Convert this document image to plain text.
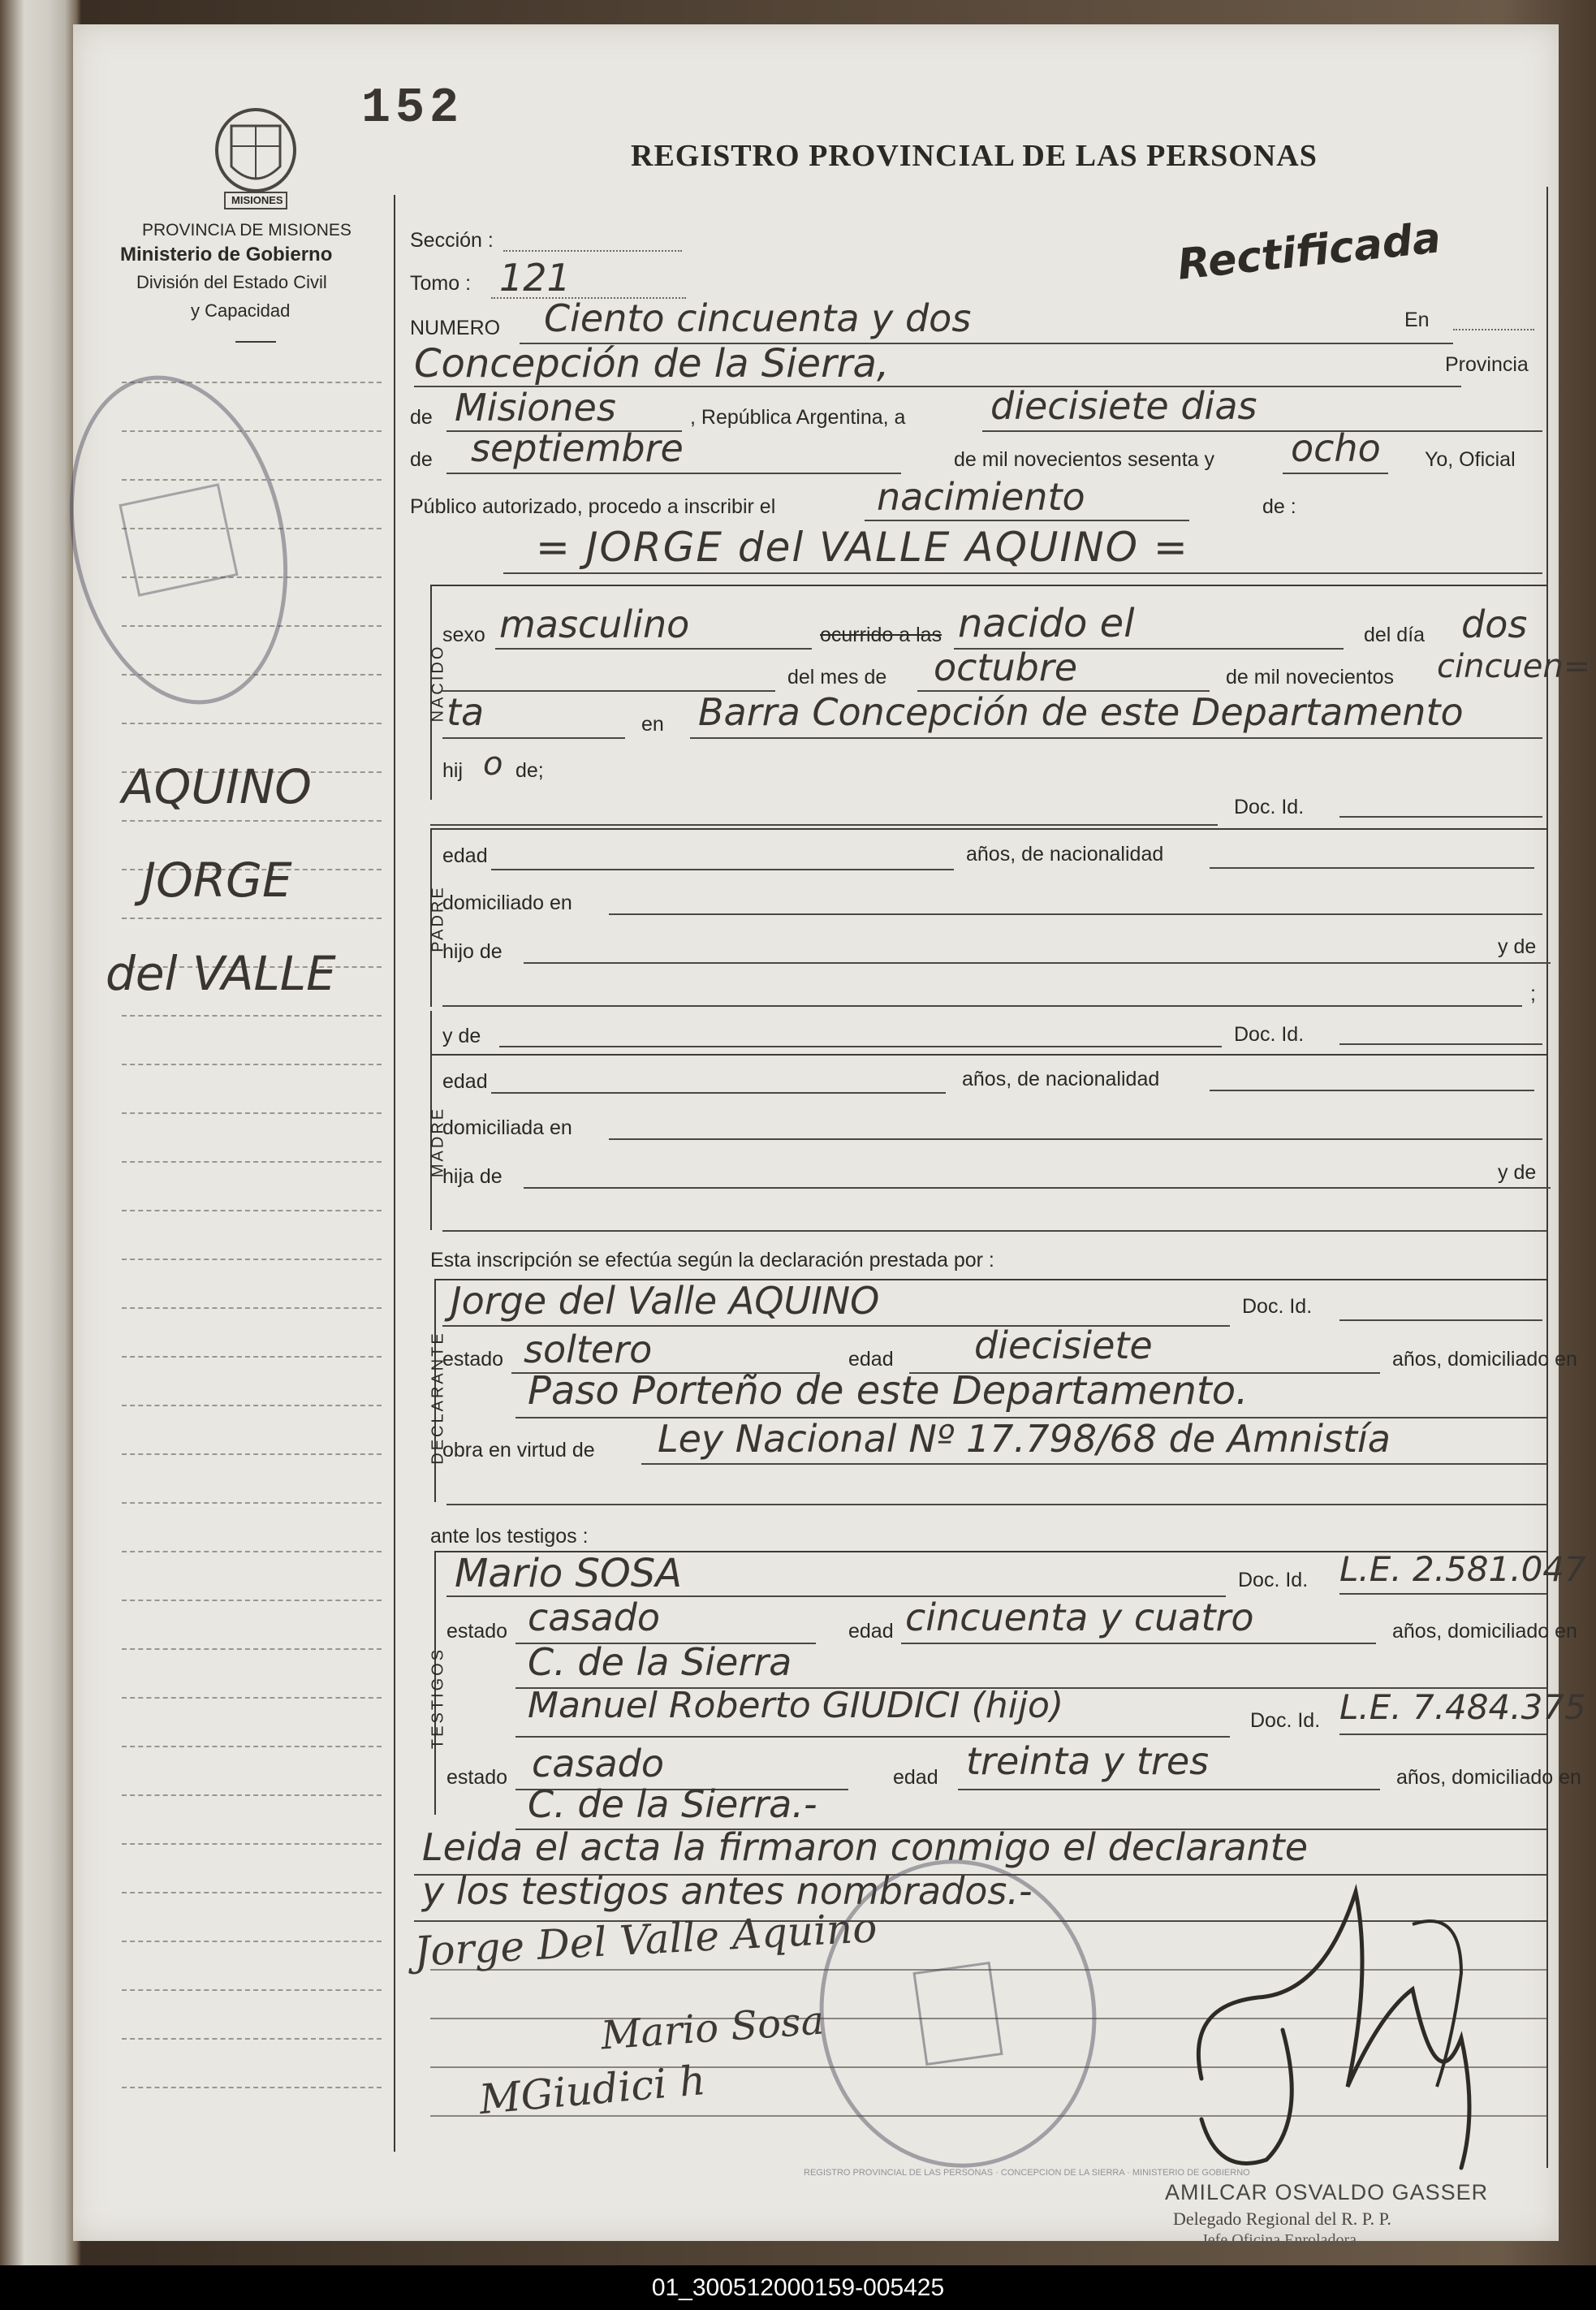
152
REGISTRO PROVINCIAL DE LAS PERSONAS
Rectificada
MISIONES
PROVINCIA DE MISIONES
Ministerio de Gobierno
División del Estado Civil
y Capacidad
AQUINO
JORGE
del VALLE
Sección :
Tomo : 121
NUMERO Ciento cincuenta y dos	En
Concepción de la Sierra,	Provincia
de Misiones	, República Argentina, a diecisiete dias
de septiembre	de mil novecientos sesenta y ocho Yo, Oficial
Público autorizado, procedo a inscribir el	nacimiento	de :
= JORGE del VALLE AQUINO =
NACIDO
sexo masculino	ocurrido a las nacido el	del día dos
del mes de octubre	de mil novecientos cincuen=
ta	en Barra Concepción de este Departamento
hij o de;
Doc. Id.
PADRE
edad	años, de nacionalidad
domiciliado en
hijo de	y de
;
y de	Doc. Id.
MADRE
edad	años, de nacionalidad
domiciliada en
hija de	y de
Esta inscripción se efectúa según la declaración prestada por :
DECLARANTE
Jorge del Valle AQUINO	Doc. Id.
estado soltero	edad diecisiete	años, domiciliado en
Paso Porteño de este Departamento.
obra en virtud de Ley Nacional Nº 17.798/68 de Amnistía
ante los testigos :
TESTIGOS
Mario SOSA	Doc. Id. L.E. 2.581.047
estado casado	edad cincuenta y cuatro	años, domiciliado en
C. de la Sierra
Manuel Roberto GIUDICI (hijo)	Doc. Id. L.E. 7.484.375
estado casado	edad treinta y tres	años, domiciliado en
C. de la Sierra.-
Leida el acta la firmaron conmigo el declarante
y los testigos antes nombrados.-
Jorge Del Valle Aquino
Mario Sosa
MGiudici h
REGISTRO PROVINCIAL DE LAS PERSONAS · CONCEPCION DE LA SIERRA · MINISTERIO DE GOBIERNO
AMILCAR OSVALDO GASSER
Delegado Regional del R. P. P.
Jefe Oficina Enroladora
01_300512000159-005425
